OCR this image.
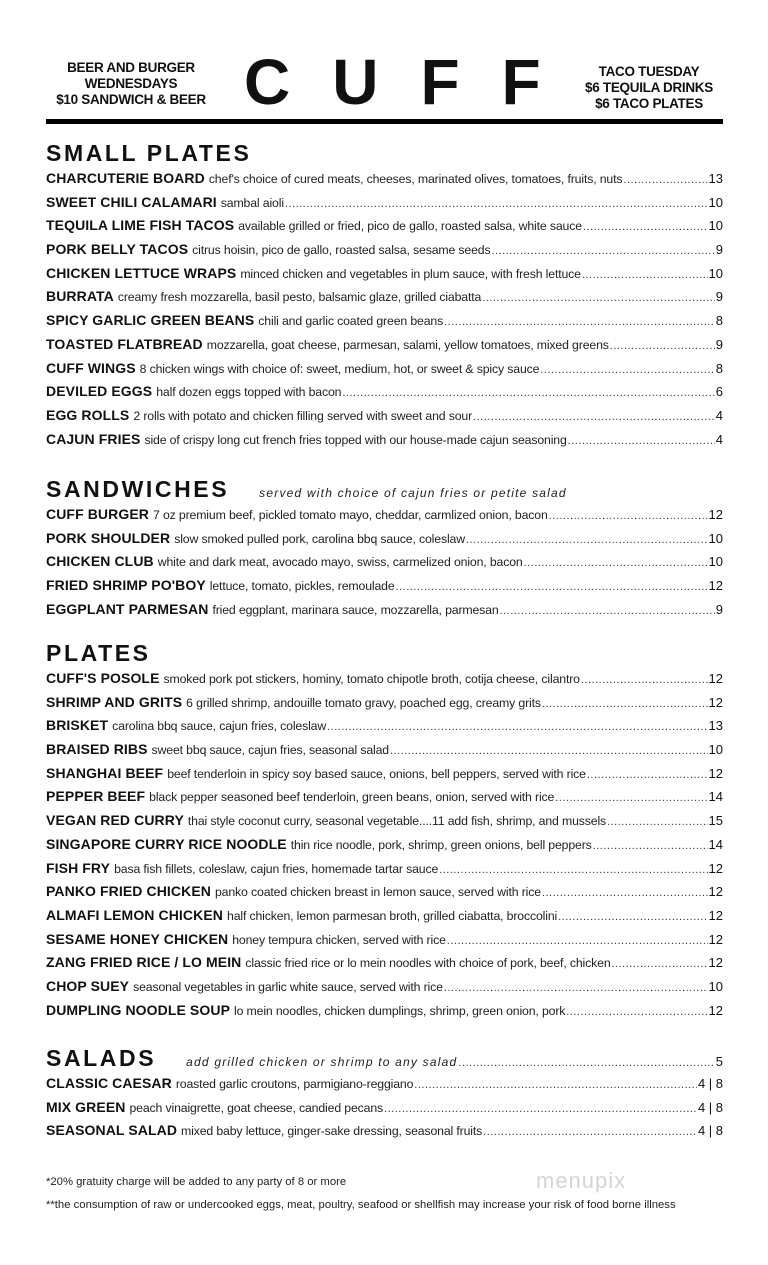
BEER AND BURGER
WEDNESDAYS
$10 SANDWICH & BEER CUFF	TACO TUESDAY
$6 TEQUILA DRINKS
$6 TACO PLATES
SMALL PLATES
CHARCUTERIE BOARD chef's choice of cured meats, cheeses, marinated olives, tomatoes, fruits, nuts .....	13
SWEET CHILI CALAMARI sambal aioli .....	10
TEQUILA LIME FISH TACOS available grilled or fried, pico de gallo, roasted salsa, white sauce .....	10
PORK BELLY TACOS citrus hoisin, pico de gallo, roasted salsa, sesame seeds .....	9
CHICKEN LETTUCE WRAPS minced chicken and vegetables in plum sauce, with fresh lettuce .....	10
BURRATA creamy fresh mozzarella, basil pesto, balsamic glaze, grilled ciabatta .....	9
SPICY GARLIC GREEN BEANS chili and garlic coated green beans .....	8
TOASTED FLATBREAD mozzarella, goat cheese, parmesan, salami, yellow tomatoes, mixed greens .....	9
CUFF WINGS 8 chicken wings with choice of: sweet, medium, hot, or sweet & spicy sauce .....	8
DEVILED EGGS half dozen eggs topped with bacon .....	6
EGG ROLLS 2 rolls with potato and chicken filling served with sweet and sour .....	4
CAJUN FRIES side of crispy long cut french fries topped with our house-made cajun seasoning .....	4
SANDWICHES	served with choice of cajun fries or petite salad
CUFF BURGER 7 oz premium beef, pickled tomato mayo, cheddar, carmlized onion, bacon .....	12
PORK SHOULDER slow smoked pulled pork, carolina bbq sauce, coleslaw .....	10
CHICKEN CLUB white and dark meat, avocado mayo, swiss, carmelized onion, bacon .....	10
FRIED SHRIMP PO'BOY lettuce, tomato, pickles, remoulade .....	12
EGGPLANT PARMESAN fried eggplant, marinara sauce, mozzarella, parmesan .....	9
PLATES
CUFF'S POSOLE smoked pork pot stickers, hominy, tomato chipotle broth, cotija cheese, cilantro .....	12
SHRIMP AND GRITS 6 grilled shrimp, andouille tomato gravy, poached egg, creamy grits .....	12
BRISKET carolina bbq sauce, cajun fries, coleslaw .....	13
BRAISED RIBS sweet bbq sauce, cajun fries, seasonal salad .....	10
SHANGHAI BEEF beef tenderloin in spicy soy based sauce, onions, bell peppers, served with rice .....	12
PEPPER BEEF black pepper seasoned beef tenderloin, green beans, onion, served with rice .....	14
VEGAN RED CURRY thai style coconut curry, seasonal vegetable....11 add fish, shrimp, and mussels .....	15
SINGAPORE CURRY RICE NOODLE thin rice noodle, pork, shrimp, green onions, bell peppers .....	14
FISH FRY basa fish fillets, coleslaw, cajun fries, homemade tartar sauce .....	12
PANKO FRIED CHICKEN panko coated chicken breast in lemon sauce, served with rice .....	12
ALMAFI LEMON CHICKEN half chicken, lemon parmesan broth, grilled ciabatta, broccolini .....	12
SESAME HONEY CHICKEN honey tempura chicken, served with rice .....	12
ZANG FRIED RICE / LO MEIN classic fried rice or lo mein noodles with choice of pork, beef, chicken .....	12
CHOP SUEY seasonal vegetables in garlic white sauce, served with rice .....	10
DUMPLING NOODLE SOUP lo mein noodles, chicken dumplings, shrimp, green onion, pork .....	12
SALADS	add grilled chicken or shrimp to any salad .....	5
CLASSIC CAESAR roasted garlic croutons, parmigiano-reggiano .....	4 | 8
MIX GREEN peach vinaigrette, goat cheese, candied pecans .....	4 | 8
SEASONAL SALAD mixed baby lettuce, ginger-sake dressing, seasonal fruits .....	4 | 8
*20% gratuity charge will be added to any party of 8 or more
**the consumption of raw or undercooked eggs, meat, poultry, seafood or shellfish may increase your risk of food borne illness
menupix
